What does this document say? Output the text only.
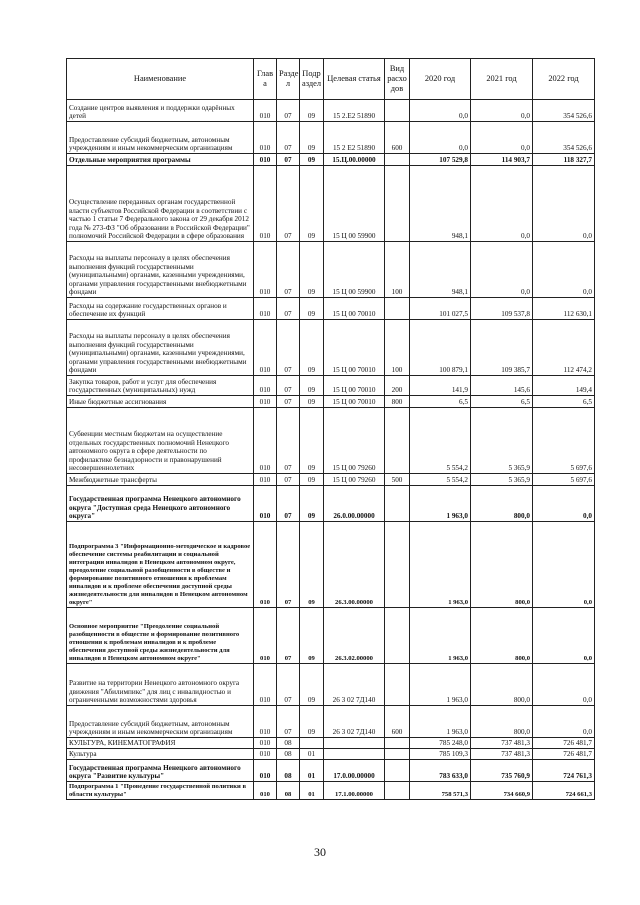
Наименование	Глав а	Разде л	Подр аздел	Целевая статья	Вид расхо дов	2020 год	2021 год	2022 год
Создание центров выявления и поддержки одарённых детей	010	07	09	15 2.Е2 51890		0,0	0,0	354 526,6
Предоставление субсидий бюджетным, автономным учреждениям и иным некоммерческим организациям	010	07	09	15 2 Е2 51890	600	0,0	0,0	354 526,6
Отдельные мероприятия программы	010	07	09	15.Ц.00.00000		107 529,8	114 903,7	118 327,7
Осуществление переданных органам государственной власти субъектов Российской Федерации в соответствии с частью 1 статьи 7 Федерального закона от 29 декабря 2012 года № 273-ФЗ "Об образовании в Российской Федерации" полномочий Российской Федерации в сфере образования	010	07	09	15 Ц 00 59900		948,1	0,0	0,0
Расходы на выплаты персоналу в целях обеспечения выполнения функций государственными (муниципальными) органами, казенными учреждениями, органами управления государственными внебюджетными фондами	010	07	09	15 Ц 00 59900	100	948,1	0,0	0,0
Расходы на содержание государственных органов и обеспечение их функций	010	07	09	15 Ц 00 70010		101 027,5	109 537,8	112 630,1
Расходы на выплаты персоналу в целях обеспечения выполнения функций государственными (муниципальными) органами, казенными учреждениями, органами управления государственными внебюджетными фондами	010	07	09	15 Ц 00 70010	100	100 879,1	109 385,7	112 474,2
Закупка товаров, работ и услуг для обеспечения государственных (муниципальных) нужд	010	07	09	15 Ц 00 70010	200	141,9	145,6	149,4
Иные бюджетные ассигнования	010	07	09	15 Ц 00 70010	800	6,5	6,5	6,5
Субвенции местным бюджетам на осуществление отдельных государственных полномочий Ненецкого автономного округа в сфере деятельности по профилактике безнадзорности и правонарушений несовершеннолетних	010	07	09	15 Ц 00 79260		5 554,2	5 365,9	5 697,6
Межбюджетные трансферты	010	07	09	15 Ц 00 79260	500	5 554,2	5 365,9	5 697,6
Государственная программа Ненецкого автономного округа "Доступная среда Ненецкого автономного округа"	010	07	09	26.0.00.00000		1 963,0	800,0	0,0
Подпрограмма 3 "Информационно-методическое и кадровое обеспечение системы реабилитации и социальной интеграции инвалидов в Ненецком автономном округе, преодоление социальной разобщенности в обществе и формирование позитивного отношения к проблемам инвалидов и к проблеме обеспечения доступной среды жизнедеятельности для инвалидов в Ненецком автономном округе"	010	07	09	26.3.00.00000		1 963,0	800,0	0,0
Основное мероприятие "Преодоление социальной разобщенности в обществе и формирование позитивного отношения к проблемам инвалидов и к проблеме обеспечения доступной среды жизнедеятельности для инвалидов в Ненецком автономном округе"	010	07	09	26.3.02.00000		1 963,0	800,0	0,0
Развитие на территории Ненецкого автономного округа движения "Абилимпикс" для лиц с инвалидностью и ограниченными возможностями здоровья	010	07	09	26 3 02 7Д140		1 963,0	800,0	0,0
Предоставление субсидий бюджетным, автономным учреждениям и иным некоммерческим организациям	010	07	09	26 3 02 7Д140	600	1 963,0	800,0	0,0
КУЛЬТУРА, КИНЕМАТОГРАФИЯ	010	08				785 248,0	737 481,3	726 481,7
Культура	010	08	01			785 109,3	737 481,3	726 481,7
Государственная программа Ненецкого автономного округа "Развитие культуры"	010	08	01	17.0.00.00000		783 633,0	735 760,9	724 761,3
Подпрограмма 1 "Проведение государственной политики в области культуры"	010	08	01	17.1.00.00000		758 571,3	734 660,9	724 661,3
30
